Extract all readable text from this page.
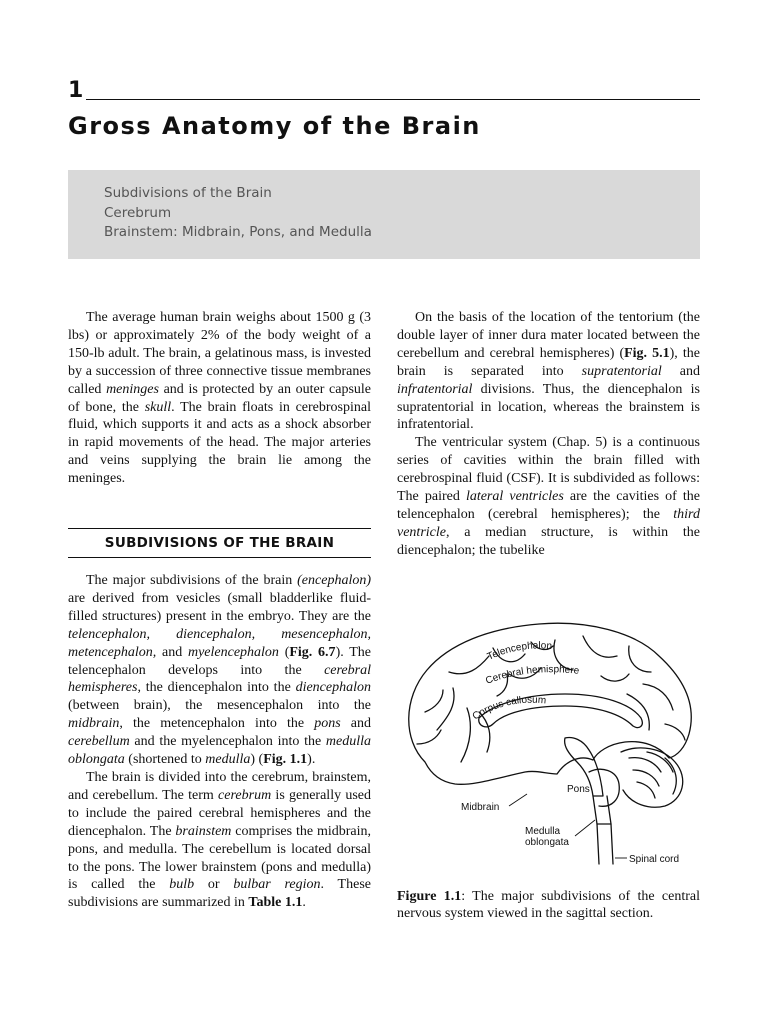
1
Gross Anatomy of the Brain
Subdivisions of the Brain
Cerebrum
Brainstem: Midbrain, Pons, and Medulla

The average human brain weighs about 1500 g (3 lbs) or approximately 2% of the body weight of a 150-lb adult. The brain, a gelatinous mass, is invested by a succession of three connective tissue membranes called meninges and is protected by an outer capsule of bone, the skull. The brain floats in cerebrospinal fluid, which supports it and acts as a shock absorber in rapid movements of the head. The major arteries and veins supplying the brain lie among the meninges.

SUBDIVISIONS OF THE BRAIN

The major subdivisions of the brain (encephalon) are derived from vesicles (small bladderlike fluid-filled structures) present in the embryo. They are the telencephalon, diencephalon, mesencephalon, metencephalon, and myelencephalon (Fig. 6.7). The telencephalon develops into the cerebral hemispheres, the diencephalon into the diencephalon (between brain), the mesencephalon into the midbrain, the metencephalon into the pons and cerebellum and the myelencephalon into the medulla oblongata (shortened to medulla) (Fig. 1.1).

The brain is divided into the cerebrum, brainstem, and cerebellum. The term cerebrum is generally used to include the paired cerebral hemispheres and the diencephalon. The brainstem comprises the midbrain, pons, and medulla. The cerebellum is located dorsal to the pons. The lower brainstem (pons and medulla) is called the bulb or bulbar region. These subdivisions are summarized in Table 1.1.

On the basis of the location of the tentorium (the double layer of inner dura mater located between the cerebellum and cerebral hemispheres) (Fig. 5.1), the brain is separated into supratentorial and infratentorial divisions. Thus, the diencephalon is supratentorial in location, whereas the brainstem is infratentorial.

The ventricular system (Chap. 5) is a continuous series of cavities within the brain filled with cerebrospinal fluid (CSF). It is subdivided as follows: The paired lateral ventricles are the cavities of the telencephalon (cerebral hemispheres); the third ventricle, a median structure, is within the diencephalon; the tubelike

Telencephalon
Cerebral hemisphere
Corpus callosum
Pons
Midbrain
Medulla
oblongata
Spinal cord
Figure 1.1: The major subdivisions of the central nervous system viewed in the sagittal section.
